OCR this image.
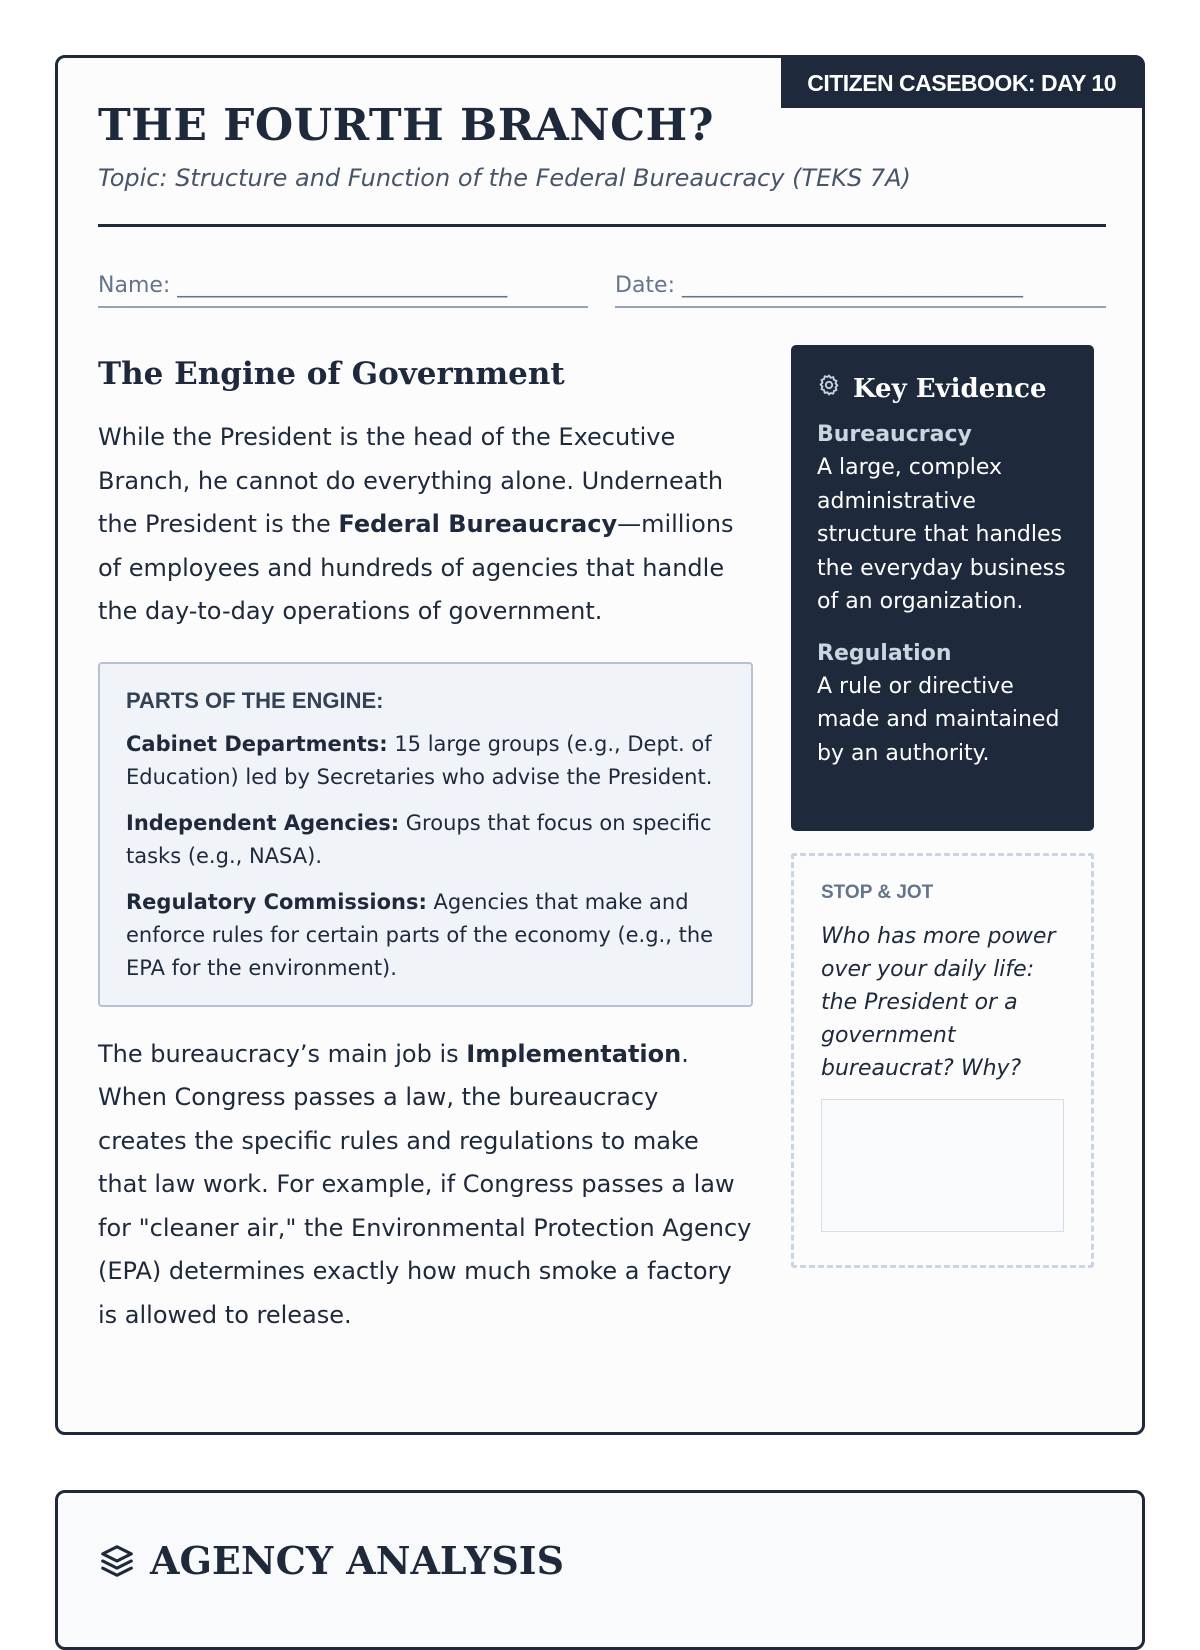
CITIZEN CASEBOOK: DAY 10
THE FOURTH BRANCH?
Topic: Structure and Function of the Federal Bureaucracy (TEKS 7A)
Name: ______________________________	Date: _______________________________
The Engine of Government

While the President is the head of the Executive Branch, he cannot do everything alone. Underneath the President is the Federal Bureaucracy—millions of employees and hundreds of agencies that handle the day-to-day operations of government.

PARTS OF THE ENGINE:
Cabinet Departments: 15 large groups (e.g., Dept. of Education) led by Secretaries who advise the President.
Independent Agencies: Groups that focus on specific tasks (e.g., NASA).
Regulatory Commissions: Agencies that make and enforce rules for certain parts of the economy (e.g., the EPA for the environment).

The bureaucracy’s main job is Implementation. When Congress passes a law, the bureaucracy creates the specific rules and regulations to make that law work. For example, if Congress passes a law for "cleaner air," the Environmental Protection Agency (EPA) determines exactly how much smoke a factory is allowed to release.

Key Evidence
Bureaucracy
A large, complex administrative structure that handles the everyday business of an organization.
Regulation
A rule or directive made and maintained by an authority.
STOP & JOT
Who has more power over your daily life: the President or a government bureaucrat? Why?
AGENCY ANALYSIS
